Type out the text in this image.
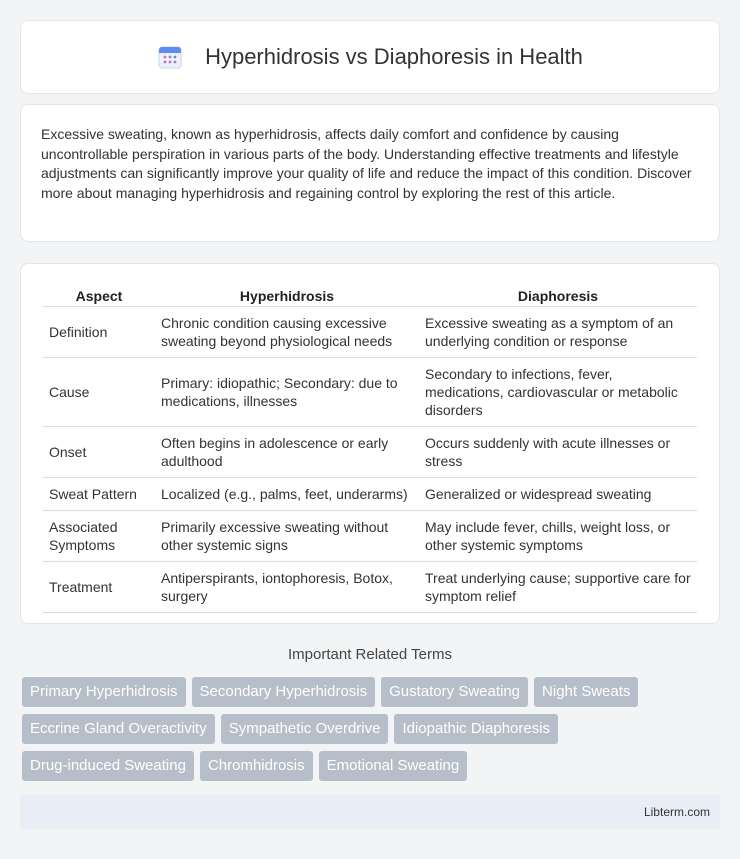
Hyperhidrosis vs Diaphoresis in Health

Excessive sweating, known as hyperhidrosis, affects daily comfort and confidence by causing uncontrollable perspiration in various parts of the body. Understanding effective treatments and lifestyle adjustments can significantly improve your quality of life and reduce the impact of this condition. Discover more about managing hyperhidrosis and regaining control by exploring the rest of this article.

Aspect	Hyperhidrosis	Diaphoresis
Definition	Chronic condition causing excessive sweating beyond physiological needs	Excessive sweating as a symptom of an underlying condition or response
Cause	Primary: idiopathic; Secondary: due to medications, illnesses	Secondary to infections, fever, medications, cardiovascular or metabolic disorders
Onset	Often begins in adolescence or early adulthood	Occurs suddenly with acute illnesses or stress
Sweat Pattern	Localized (e.g., palms, feet, underarms)	Generalized or widespread sweating
Associated Symptoms	Primarily excessive sweating without other systemic signs	May include fever, chills, weight loss, or other systemic symptoms
Treatment	Antiperspirants, iontophoresis, Botox, surgery	Treat underlying cause; supportive care for symptom relief
Important Related Terms
Primary Hyperhidrosis	Secondary Hyperhidrosis	Gustatory Sweating	Night Sweats
Eccrine Gland Overactivity	Sympathetic Overdrive	Idiopathic Diaphoresis
Drug-induced Sweating	Chromhidrosis	Emotional Sweating
Libterm.com
